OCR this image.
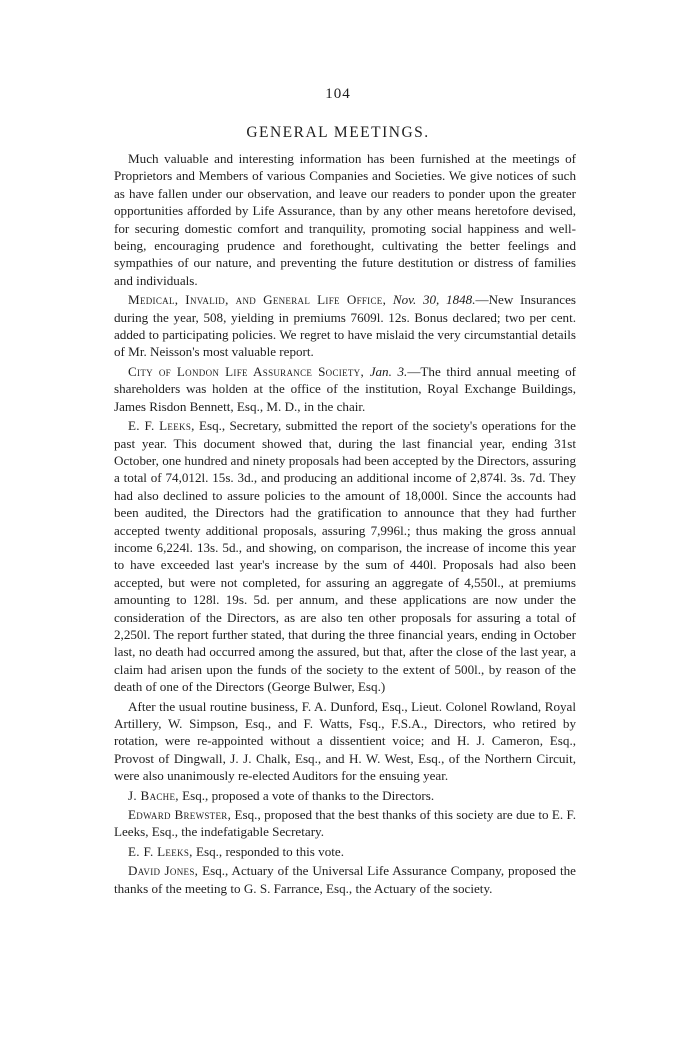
104
GENERAL MEETINGS.

Much valuable and interesting information has been furnished at the meetings of Proprietors and Members of various Companies and Societies. We give notices of such as have fallen under our observation, and leave our readers to ponder upon the greater opportunities afforded by Life Assurance, than by any other means heretofore devised, for securing domestic comfort and tranquility, promoting social happiness and well-being, encouraging prudence and forethought, cultivating the better feelings and sympathies of our nature, and preventing the future destitution or distress of families and individuals.

Medical, Invalid, and General Life Office, Nov. 30, 1848.—New Insurances during the year, 508, yielding in premiums 7609l. 12s. Bonus declared; two per cent. added to participating policies. We regret to have mislaid the very circumstantial details of Mr. Neisson's most valuable report.

City of London Life Assurance Society, Jan. 3.—The third annual meeting of shareholders was holden at the office of the institution, Royal Exchange Buildings, James Risdon Bennett, Esq., M. D., in the chair.

E. F. Leeks, Esq., Secretary, submitted the report of the society's operations for the past year. This document showed that, during the last financial year, ending 31st October, one hundred and ninety proposals had been accepted by the Directors, assuring a total of 74,012l. 15s. 3d., and producing an additional income of 2,874l. 3s. 7d. They had also declined to assure policies to the amount of 18,000l. Since the accounts had been audited, the Directors had the gratification to announce that they had further accepted twenty additional proposals, assuring 7,996l.; thus making the gross annual income 6,224l. 13s. 5d., and showing, on comparison, the increase of income this year to have exceeded last year's increase by the sum of 440l. Proposals had also been accepted, but were not completed, for assuring an aggregate of 4,550l., at premiums amounting to 128l. 19s. 5d. per annum, and these applications are now under the consideration of the Directors, as are also ten other proposals for assuring a total of 2,250l. The report further stated, that during the three financial years, ending in October last, no death had occurred among the assured, but that, after the close of the last year, a claim had arisen upon the funds of the society to the extent of 500l., by reason of the death of one of the Directors (George Bulwer, Esq.)

After the usual routine business, F. A. Dunford, Esq., Lieut. Colonel Rowland, Royal Artillery, W. Simpson, Esq., and F. Watts, Fsq., F.S.A., Directors, who retired by rotation, were re-appointed without a dissentient voice; and H. J. Cameron, Esq., Provost of Dingwall, J. J. Chalk, Esq., and H. W. West, Esq., of the Northern Circuit, were also unanimously re-elected Auditors for the ensuing year.

J. Bache, Esq., proposed a vote of thanks to the Directors.

Edward Brewster, Esq., proposed that the best thanks of this society are due to E. F. Leeks, Esq., the indefatigable Secretary.

E. F. Leeks, Esq., responded to this vote.

David Jones, Esq., Actuary of the Universal Life Assurance Company, proposed the thanks of the meeting to G. S. Farrance, Esq., the Actuary of the society.
